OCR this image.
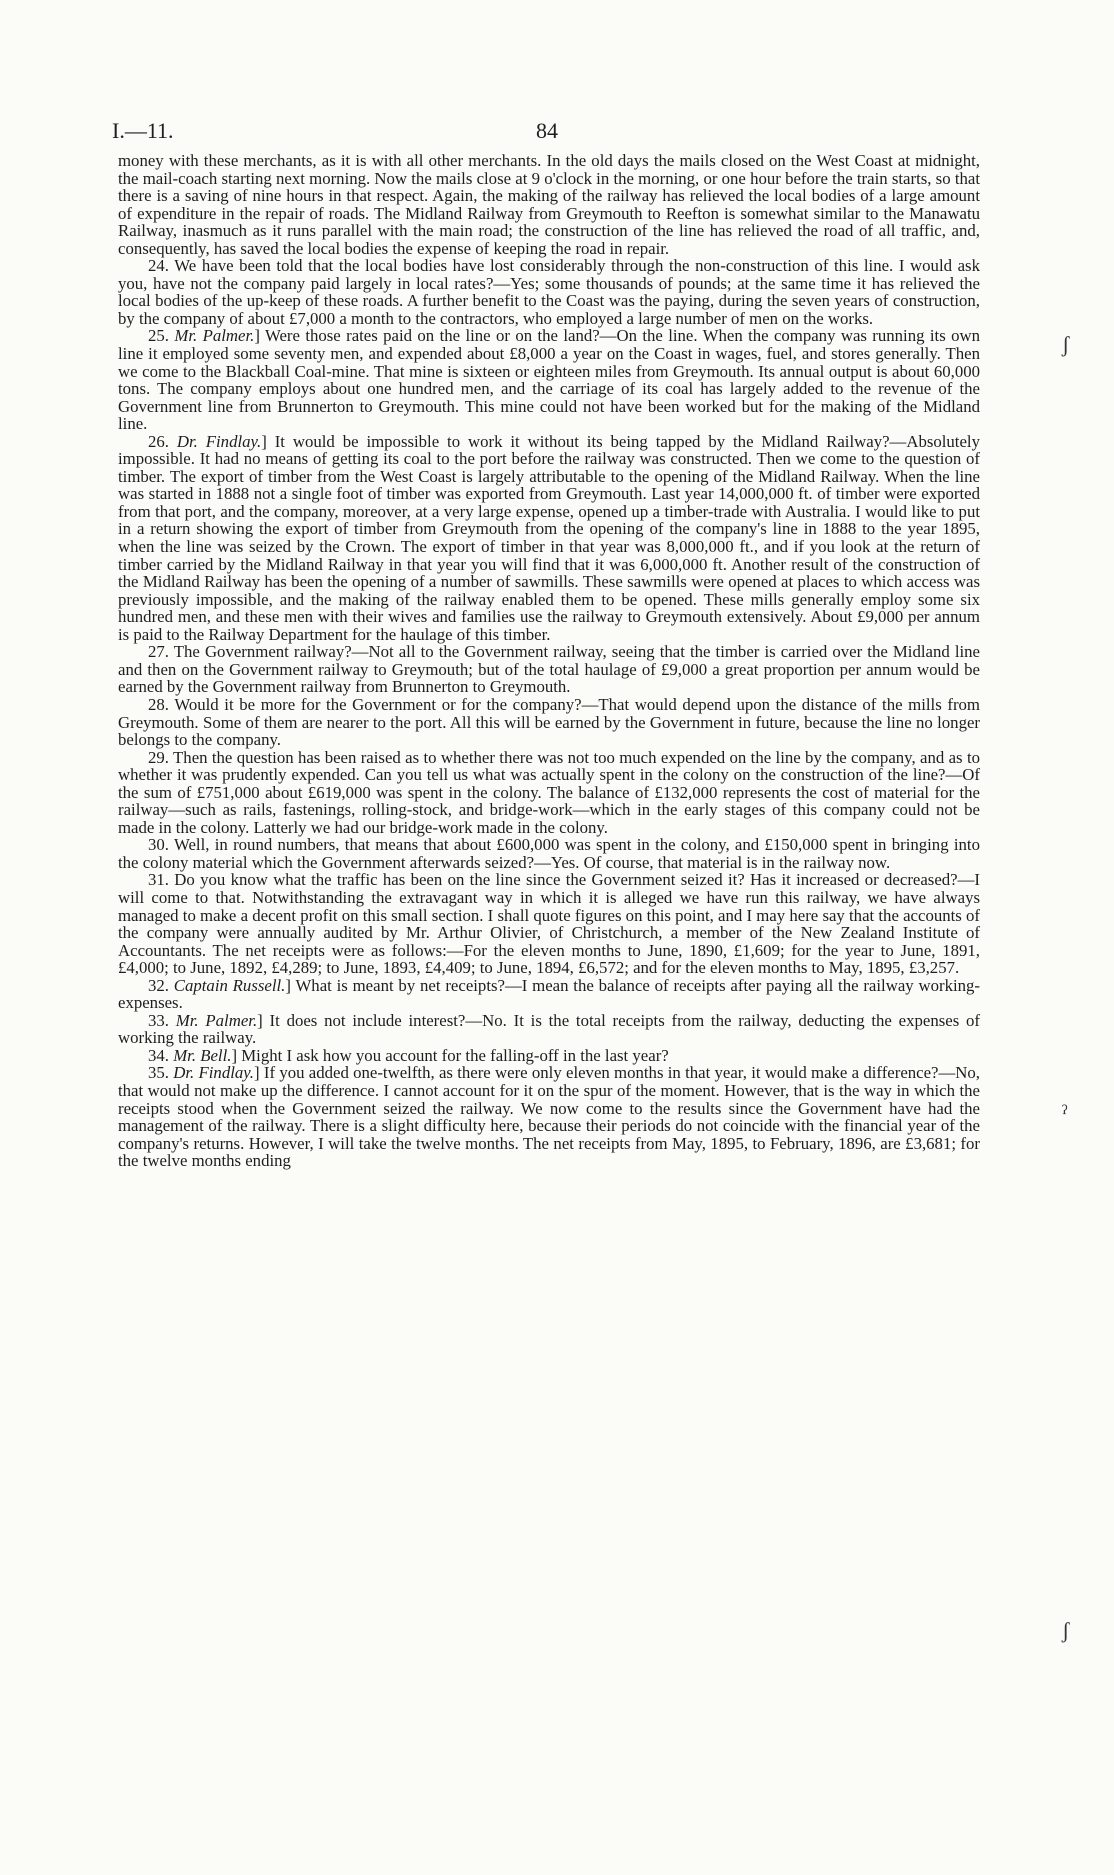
I.—11.	84

money with these merchants, as it is with all other merchants. In the old days the mails closed on the West Coast at midnight, the mail-coach starting next morning. Now the mails close at 9 o'clock in the morning, or one hour before the train starts, so that there is a saving of nine hours in that respect. Again, the making of the railway has relieved the local bodies of a large amount of expenditure in the repair of roads. The Midland Railway from Greymouth to Reefton is somewhat similar to the Manawatu Railway, inasmuch as it runs parallel with the main road; the construction of the line has relieved the road of all traffic, and, consequently, has saved the local bodies the expense of keeping the road in repair.

24. We have been told that the local bodies have lost considerably through the non-construction of this line. I would ask you, have not the company paid largely in local rates?—Yes; some thousands of pounds; at the same time it has relieved the local bodies of the up-keep of these roads. A further benefit to the Coast was the paying, during the seven years of construction, by the company of about £7,000 a month to the contractors, who employed a large number of men on the works.

25. Mr. Palmer.] Were those rates paid on the line or on the land?—On the line. When the company was running its own line it employed some seventy men, and expended about £8,000 a year on the Coast in wages, fuel, and stores generally. Then we come to the Blackball Coal-mine. That mine is sixteen or eighteen miles from Greymouth. Its annual output is about 60,000 tons. The company employs about one hundred men, and the carriage of its coal has largely added to the revenue of the Government line from Brunnerton to Greymouth. This mine could not have been worked but for the making of the Midland line.

26. Dr. Findlay.] It would be impossible to work it without its being tapped by the Midland Railway?—Absolutely impossible. It had no means of getting its coal to the port before the railway was constructed. Then we come to the question of timber. The export of timber from the West Coast is largely attributable to the opening of the Midland Railway. When the line was started in 1888 not a single foot of timber was exported from Greymouth. Last year 14,000,000 ft. of timber were exported from that port, and the company, moreover, at a very large expense, opened up a timber-trade with Australia. I would like to put in a return showing the export of timber from Greymouth from the opening of the company's line in 1888 to the year 1895, when the line was seized by the Crown. The export of timber in that year was 8,000,000 ft., and if you look at the return of timber carried by the Midland Railway in that year you will find that it was 6,000,000 ft. Another result of the construction of the Midland Railway has been the opening of a number of sawmills. These sawmills were opened at places to which access was previously impossible, and the making of the railway enabled them to be opened. These mills generally employ some six hundred men, and these men with their wives and families use the railway to Greymouth extensively. About £9,000 per annum is paid to the Railway Department for the haulage of this timber.

27. The Government railway?—Not all to the Government railway, seeing that the timber is carried over the Midland line and then on the Government railway to Greymouth; but of the total haulage of £9,000 a great proportion per annum would be earned by the Government railway from Brunnerton to Greymouth.

28. Would it be more for the Government or for the company?—That would depend upon the distance of the mills from Greymouth. Some of them are nearer to the port. All this will be earned by the Government in future, because the line no longer belongs to the company.

29. Then the question has been raised as to whether there was not too much expended on the line by the company, and as to whether it was prudently expended. Can you tell us what was actually spent in the colony on the construction of the line?—Of the sum of £751,000 about £619,000 was spent in the colony. The balance of £132,000 represents the cost of material for the railway—such as rails, fastenings, rolling-stock, and bridge-work—which in the early stages of this company could not be made in the colony. Latterly we had our bridge-work made in the colony.

30. Well, in round numbers, that means that about £600,000 was spent in the colony, and £150,000 spent in bringing into the colony material which the Government afterwards seized?—Yes. Of course, that material is in the railway now.

31. Do you know what the traffic has been on the line since the Government seized it? Has it increased or decreased?—I will come to that. Notwithstanding the extravagant way in which it is alleged we have run this railway, we have always managed to make a decent profit on this small section. I shall quote figures on this point, and I may here say that the accounts of the company were annually audited by Mr. Arthur Olivier, of Christchurch, a member of the New Zealand Institute of Accountants. The net receipts were as follows:—For the eleven months to June, 1890, £1,609; for the year to June, 1891, £4,000; to June, 1892, £4,289; to June, 1893, £4,409; to June, 1894, £6,572; and for the eleven months to May, 1895, £3,257.

32. Captain Russell.] What is meant by net receipts?—I mean the balance of receipts after paying all the railway working-expenses.

33. Mr. Palmer.] It does not include interest?—No. It is the total receipts from the railway, deducting the expenses of working the railway.

34. Mr. Bell.] Might I ask how you account for the falling-off in the last year?

35. Dr. Findlay.] If you added one-twelfth, as there were only eleven months in that year, it would make a difference?—No, that would not make up the difference. I cannot account for it on the spur of the moment. However, that is the way in which the receipts stood when the Government seized the railway. We now come to the results since the Government have had the management of the railway. There is a slight difficulty here, because their periods do not coincide with the financial year of the company's returns. However, I will take the twelve months. The net receipts from May, 1895, to February, 1896, are £3,681; for the twelve months ending

ʃ
ˀ
ʃ
